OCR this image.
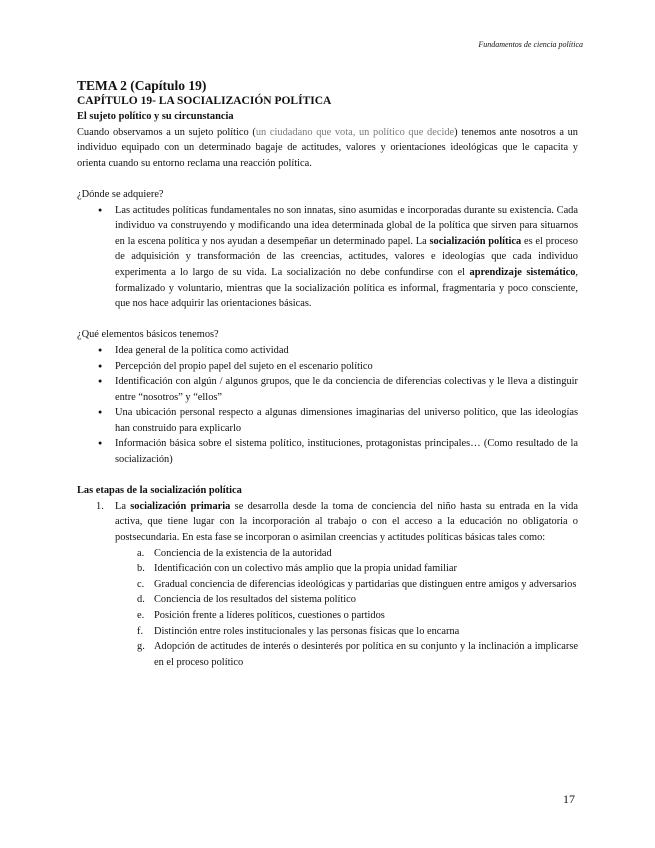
Fundamentos de ciencia política
TEMA 2 (Capítulo 19)
CAPÍTULO 19- LA SOCIALIZACIÓN POLÍTICA
El sujeto político y su circunstancia

Cuando observamos a un sujeto político (un ciudadano que vota, un político que decide) tenemos ante nosotros a un individuo equipado con un determinado bagaje de actitudes, valores y orientaciones ideológicas que le capacita y orienta cuando su entorno reclama una reacción política.

¿Dónde se adquiere?

● Las actitudes políticas fundamentales no son innatas, sino asumidas e incorporadas durante su existencia. Cada individuo va construyendo y modificando una idea determinada global de la política que sirven para situarnos en la escena política y nos ayudan a desempeñar un determinado papel. La socialización política es el proceso de adquisición y transformación de las creencias, actitudes, valores e ideologías que cada individuo experimenta a lo largo de su vida. La socialización no debe confundirse con el aprendizaje sistemático, formalizado y voluntario, mientras que la socialización política es informal, fragmentaria y poco consciente, que nos hace adquirir las orientaciones básicas.

¿Qué elementos básicos tenemos?

● Idea general de la política como actividad
● Percepción del propio papel del sujeto en el escenario político
● Identificación con algún / algunos grupos, que le da conciencia de diferencias colectivas y le lleva a distinguir entre “nosotros” y “ellos”
● Una ubicación personal respecto a algunas dimensiones imaginarias del universo político, que las ideologías han construido para explicarlo
● Información básica sobre el sistema político, instituciones, protagonistas principales… (Como resultado de la socialización)
Las etapas de la socialización política
1. La socialización primaria se desarrolla desde la toma de conciencia del niño hasta su entrada en la vida activa, que tiene lugar con la incorporación al trabajo o con el acceso a la educación no obligatoria o postsecundaria. En esta fase se incorporan o asimilan creencias y actitudes políticas básicas tales como:

a. Conciencia de la existencia de la autoridad
b. Identificación con un colectivo más amplio que la propia unidad familiar
c. Gradual conciencia de diferencias ideológicas y partidarias que distinguen entre amigos y adversarios
d. Conciencia de los resultados del sistema político
e. Posición frente a líderes políticos, cuestiones o partidos
f. Distinción entre roles institucionales y las personas físicas que lo encarna
g. Adopción de actitudes de interés o desinterés por política en su conjunto y la inclinación a implicarse en el proceso político
17
